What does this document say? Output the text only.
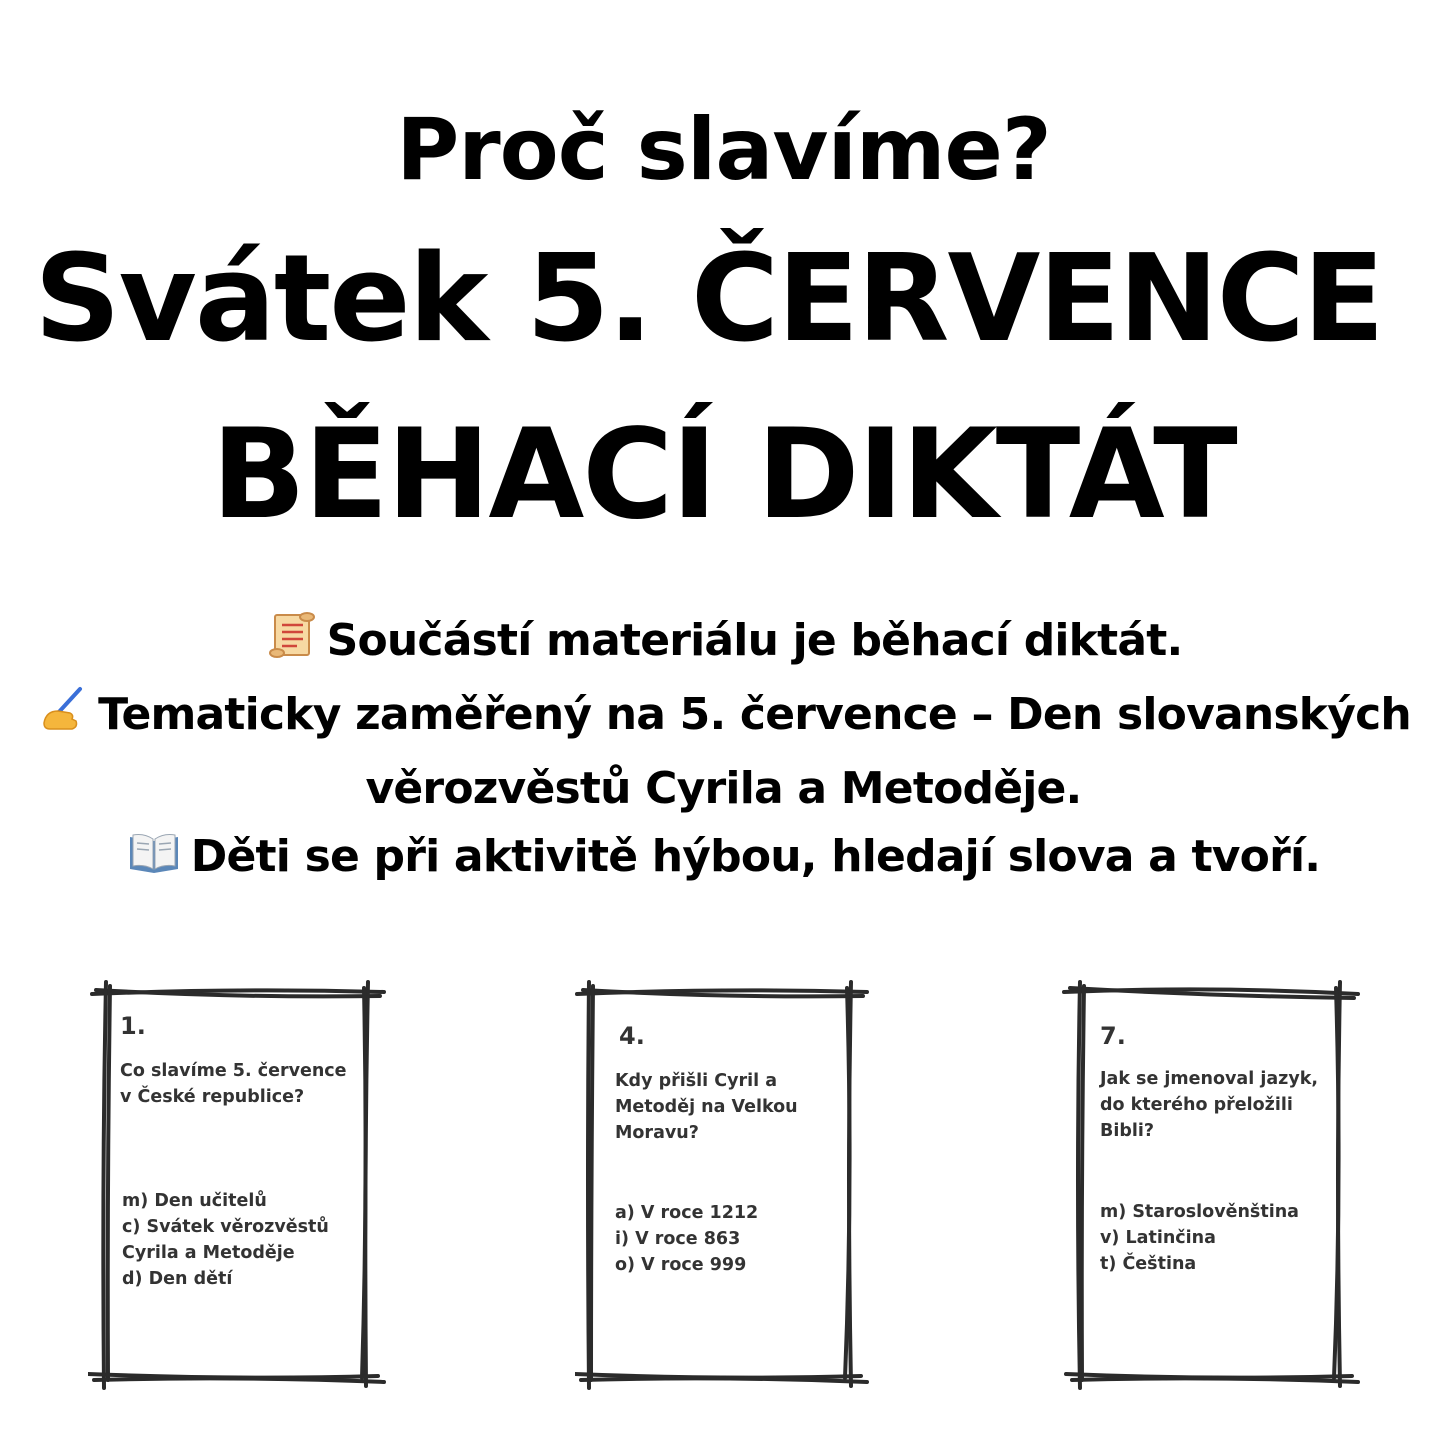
Proč slavíme?
Svátek 5. ČERVENCE
BĚHACÍ DIKTÁT
Součástí materiálu je běhací diktát.
Tematicky zaměřený na 5. července – Den slovanských
věrozvěstů Cyrila a Metoděje.
Děti se při aktivitě hýbou, hledají slova a tvoří.
1.
Co slavíme 5. července
v České republice?
m) Den učitelů
c) Svátek věrozvěstů
Cyrila a Metoděje
d) Den dětí
4.
Kdy přišli Cyril a
Metoděj na Velkou
Moravu?
a) V roce 1212
i) V roce 863
o) V roce 999
7.
Jak se jmenoval jazyk,
do kterého přeložili
Bibli?
m) Staroslověnština
v) Latinčina
t) Čeština
